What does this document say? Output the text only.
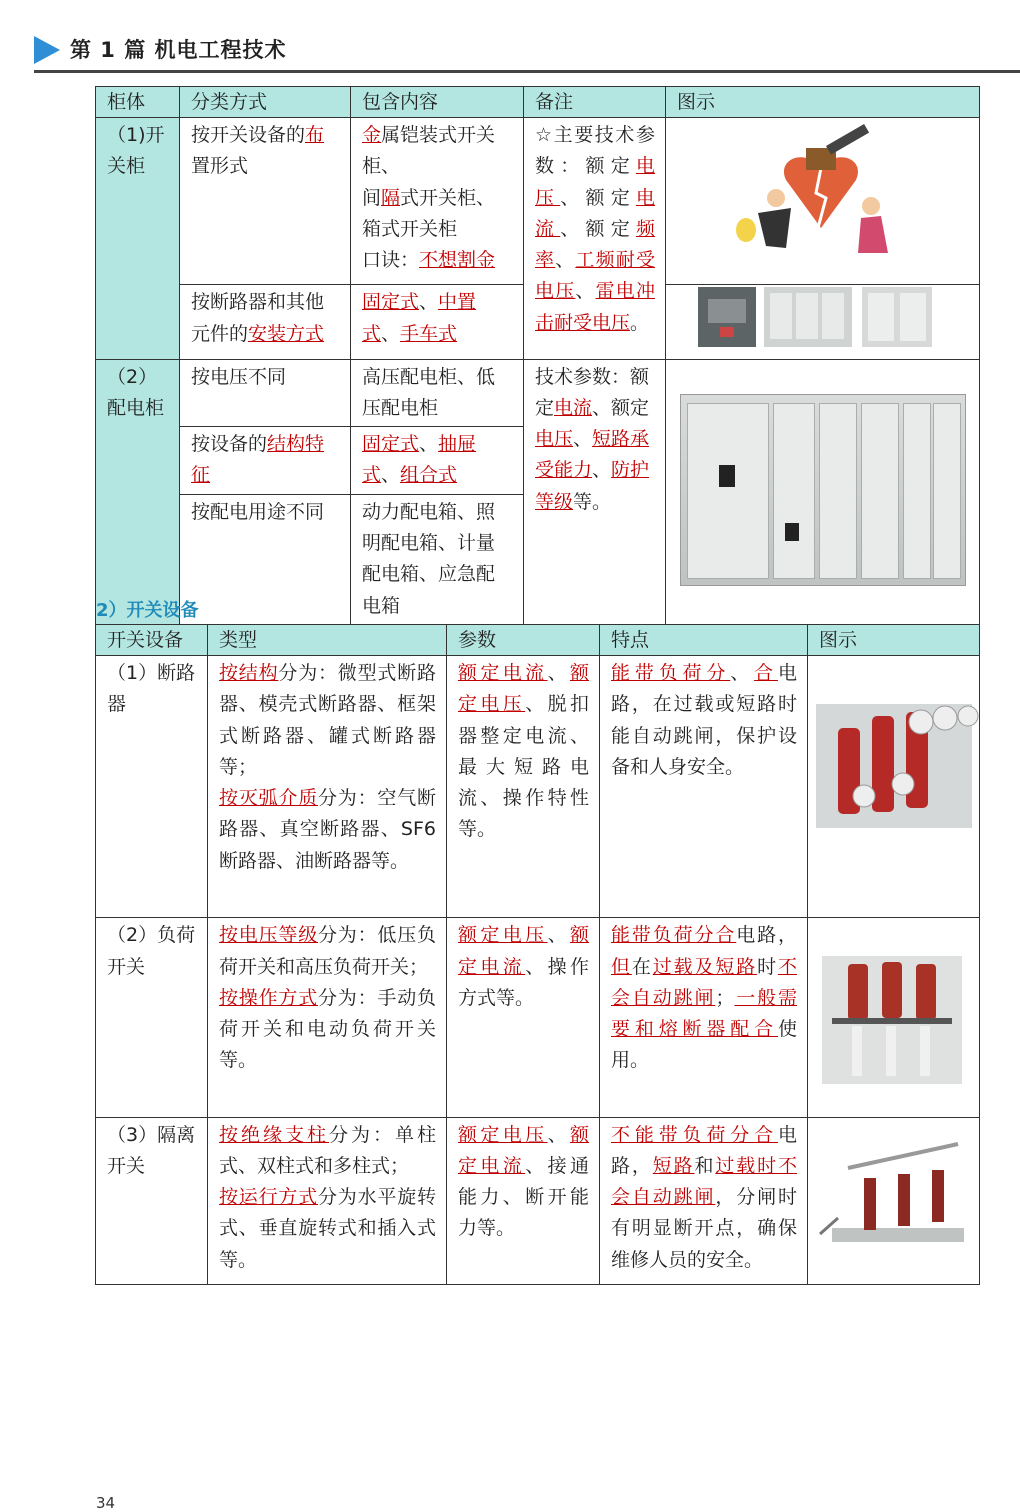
第 1 篇 机电工程技术
柜体	分类方式	包含内容	备注	图示
（1)开关柜	按开关设备的布置形式	金属铠装式开关柜、
间隔式开关柜、
箱式开关柜
口诀：不想割金	☆主要技术参数：额定电压、额定电流、额定频率、工频耐受电压、雷电冲击耐受电压。	
	按断路器和其他元件的安装方式	固定式、中置式、手车式	
（2）配电柜	按电压不同	高压配电柜、低压配电柜	技术参数：额定电流、额定电压、短路承受能力、防护等级等。	

	按设备的结构特征	固定式、抽屉式、组合式		
	按配电用途不同	动力配电箱、照明配电箱、计量配电箱、应急配电箱		
2）开关设备
开关设备	类型	参数	特点	图示
（1）断路器	按结构分为：微型式断路器、模壳式断路器、框架式断路器、罐式断路器等；
按灭弧介质分为：空气断路器、真空断路器、SF6断路器、油断路器等。	额定电流、额定电压、脱扣器整定电流、最大短路电流、操作特性等。	能带负荷分、合电路，在过载或短路时能自动跳闸，保护设备和人身安全。	
（2）负荷开关	按电压等级分为：低压负荷开关和高压负荷开关；
按操作方式分为：手动负荷开关和电动负荷开关等。	额定电压、额定电流、操作方式等。	能带负荷分合电路，但在过载及短路时不会自动跳闸；一般需要和熔断器配合使用。	
（3）隔离开关	按绝缘支柱分为：单柱式、双柱式和多柱式；
按运行方式分为水平旋转式、垂直旋转式和插入式等。	额定电压、额定电流、接通能力、断开能力等。	不能带负荷分合电路，短路和过载时不会自动跳闸，分闸时有明显断开点，确保维修人员的安全。	
34
